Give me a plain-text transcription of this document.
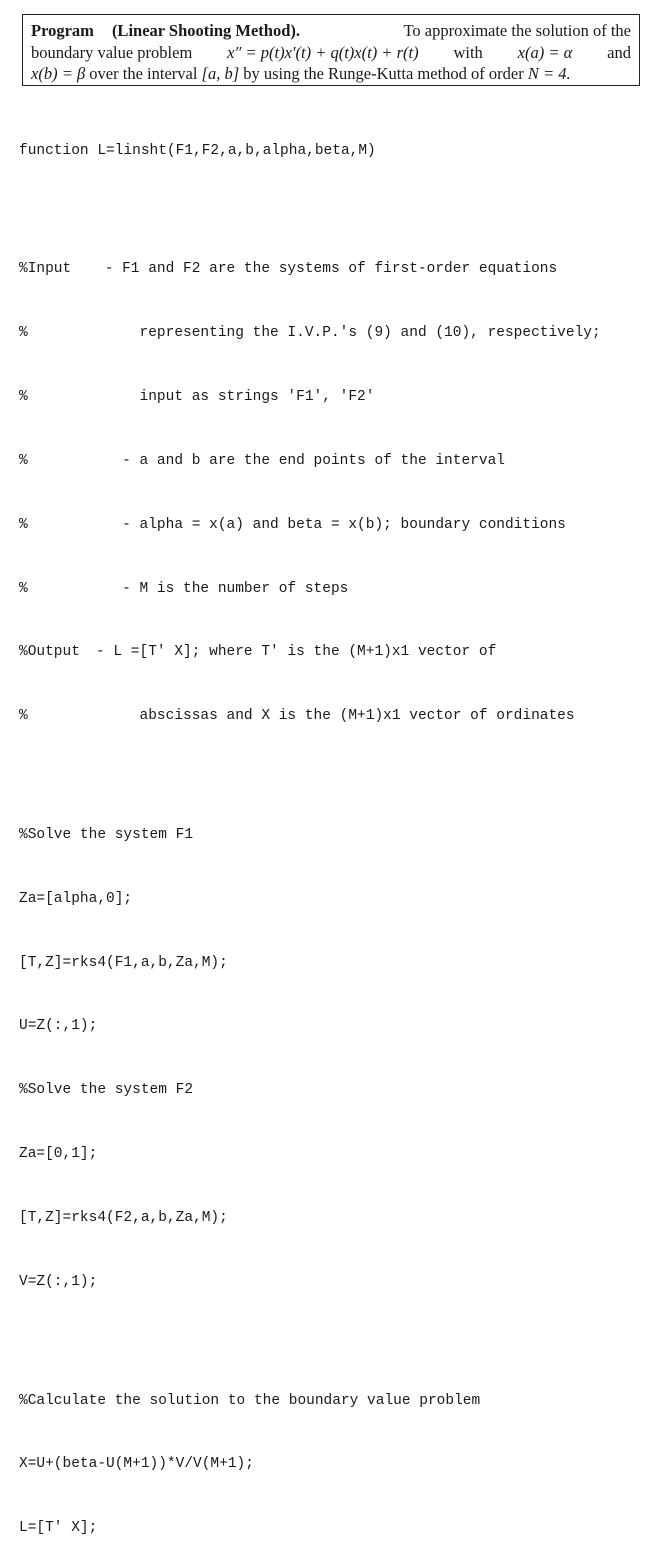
Program (Linear Shooting Method).	To approximate the solution of the
boundary value problem x″ = p(t)x′(t) + q(t)x(t) + r(t) with x(a) = α and
x(b) = β
over the interval
[a, b]
by using the Runge-Kutta method of order
N = 4.

function L=linsht(F1,F2,a,b,alpha,beta,M)

%Input - F1 and F2 are the systems of first-order equations

%	representing the I.V.P.'s (9) and (10), respectively;

%	input as strings 'F1', 'F2'

%	- a and b are the end points of the interval

%	- alpha = x(a) and beta = x(b); boundary conditions

%	- M is the number of steps

%Output - L =[T' X]; where T' is the (M+1)x1 vector of

%	abscissas and X is the (M+1)x1 vector of ordinates

%Solve the system F1

Za=[alpha,0];

[T,Z]=rks4(F1,a,b,Za,M);

U=Z(:,1);

%Solve the system F2

Za=[0,1];

[T,Z]=rks4(F2,a,b,Za,M);

V=Z(:,1);

%Calculate the solution to the boundary value problem

X=U+(beta-U(M+1))*V/V(M+1);

L=[T' X];
